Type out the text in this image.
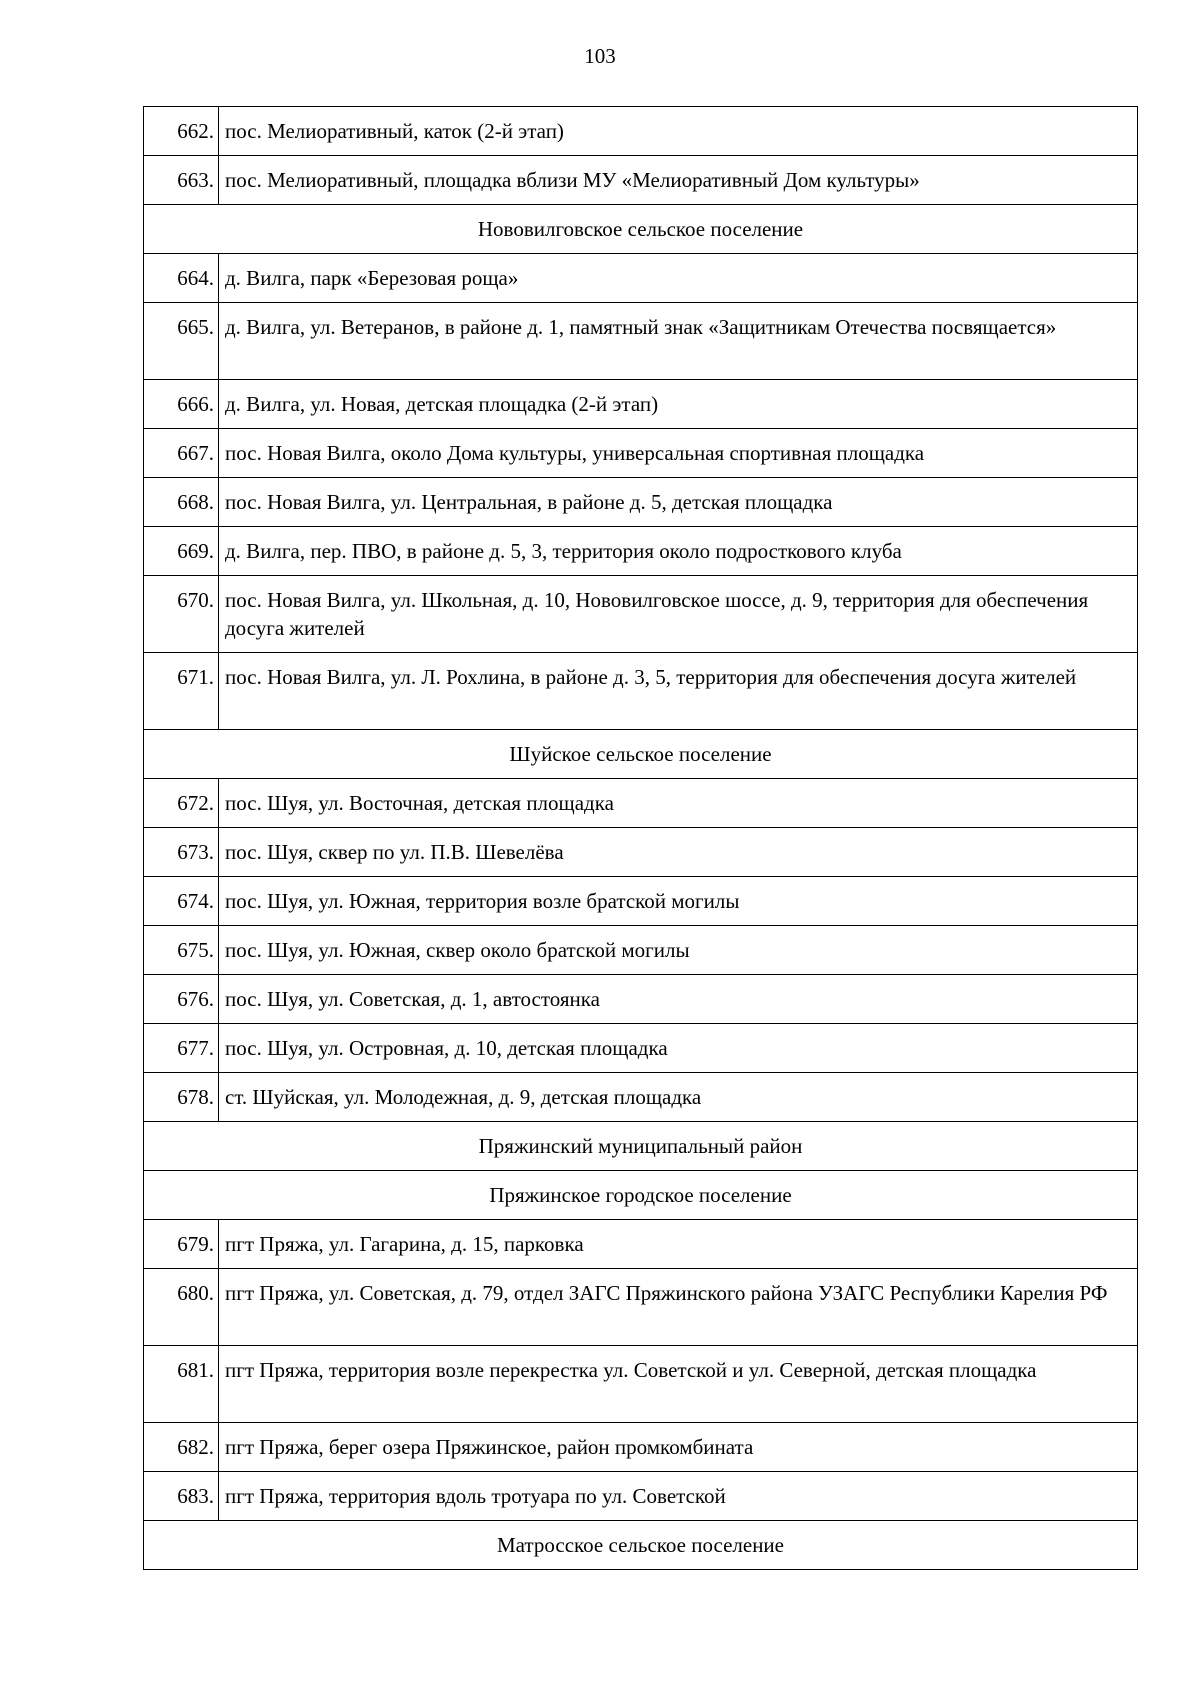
103
662.	пос. Мелиоративный, каток (2-й этап)
663.	пос. Мелиоративный, площадка вблизи МУ «Мелиоративный Дом культуры»
Нововилговское сельское поселение	
664.	д. Вилга, парк «Березовая роща»
665.	д. Вилга, ул. Ветеранов, в районе д. 1, памятный знак «Защитникам Отечества посвящается»
666.	д. Вилга, ул. Новая, детская площадка (2-й этап)
667.	пос. Новая Вилга, около Дома культуры, универсальная спортивная площадка
668.	пос. Новая Вилга, ул. Центральная, в районе д. 5, детская площадка
669.	д. Вилга, пер. ПВО, в районе д. 5, 3, территория около подросткового клуба
670.	пос. Новая Вилга, ул. Школьная, д. 10, Нововилговское шоссе, д. 9, территория для обеспечения досуга жителей
671.	пос. Новая Вилга, ул. Л. Рохлина, в районе д. 3, 5, территория для обеспечения досуга жителей
Шуйское сельское поселение	
672.	пос. Шуя, ул. Восточная, детская площадка
673.	пос. Шуя, сквер по ул. П.В. Шевелёва
674.	пос. Шуя, ул. Южная, территория возле братской могилы
675.	пос. Шуя, ул. Южная, сквер около братской могилы
676.	пос. Шуя, ул. Советская, д. 1, автостоянка
677.	пос. Шуя, ул. Островная, д. 10, детская площадка
678.	ст. Шуйская, ул. Молодежная, д. 9, детская площадка
Пряжинский муниципальный район	
Пряжинское городское поселение	
679.	пгт Пряжа, ул. Гагарина, д. 15, парковка
680.	пгт Пряжа, ул. Советская, д. 79, отдел ЗАГС Пряжинского района УЗАГС Республики Карелия РФ
681.	пгт Пряжа, территория возле перекрестка ул. Советской и ул. Северной, детская площадка
682.	пгт Пряжа, берег озера Пряжинское, район промкомбината
683.	пгт Пряжа, территория вдоль тротуара по ул. Советской
Матросское сельское поселение	
